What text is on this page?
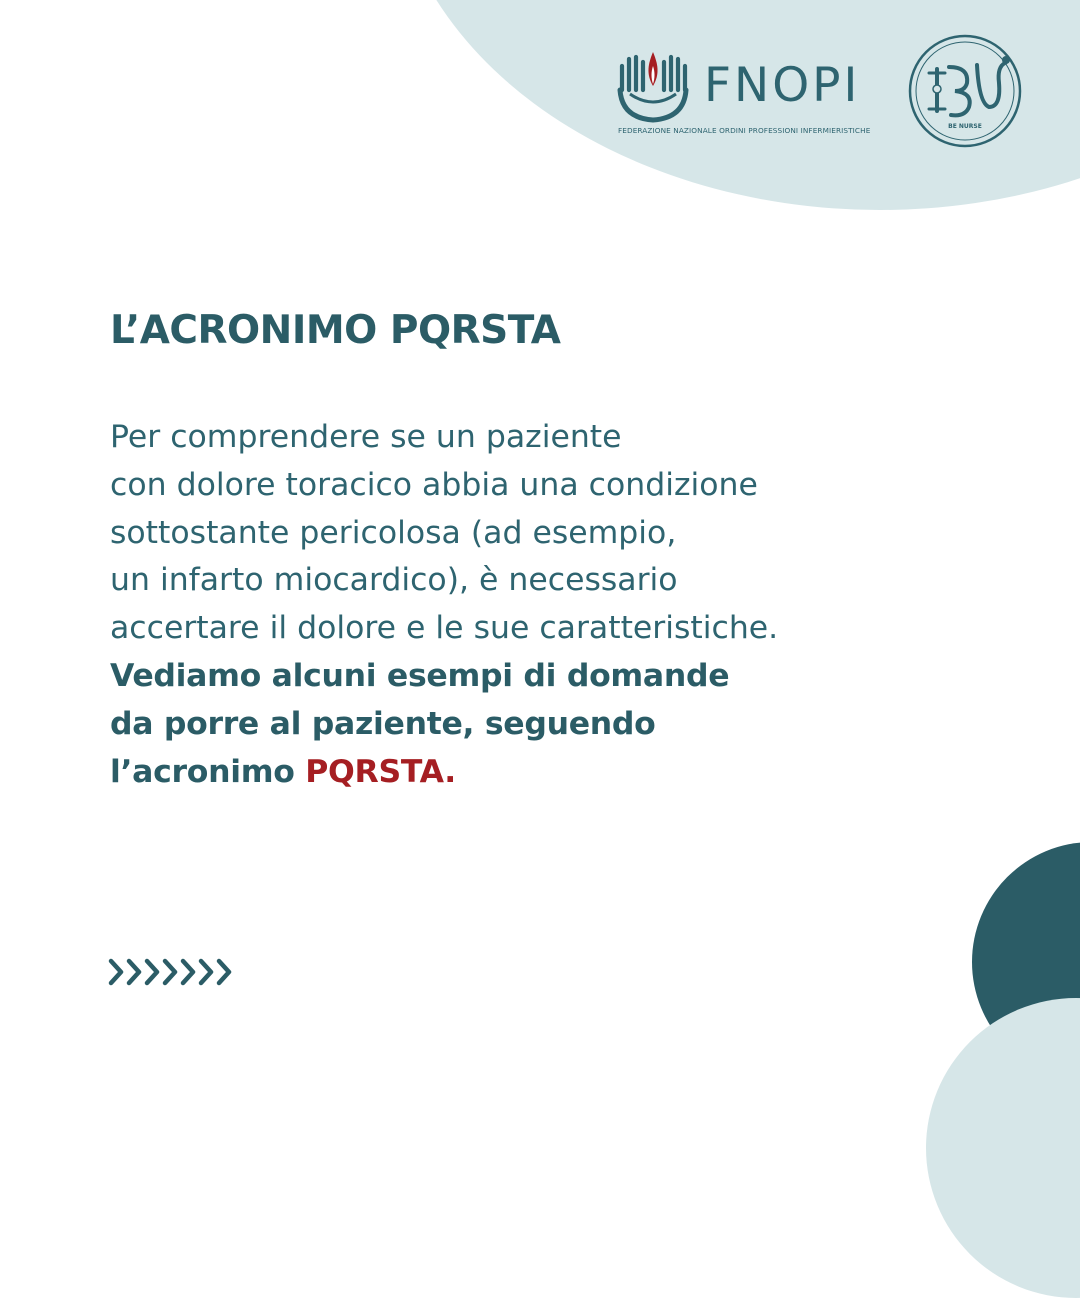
FNOPI
FEDERAZIONE NAZIONALE ORDINI PROFESSIONI INFERMIERISTICHE	BE NURSE
L’ACRONIMO PQRSTA
Per comprendere se un paziente
con dolore toracico abbia una condizione
sottostante pericolosa (ad esempio,
un infarto miocardico), è necessario
accertare il dolore e le sue caratteristiche.
Vediamo alcuni esempi di domande
da porre al paziente, seguendo
l’acronimo PQRSTA.
